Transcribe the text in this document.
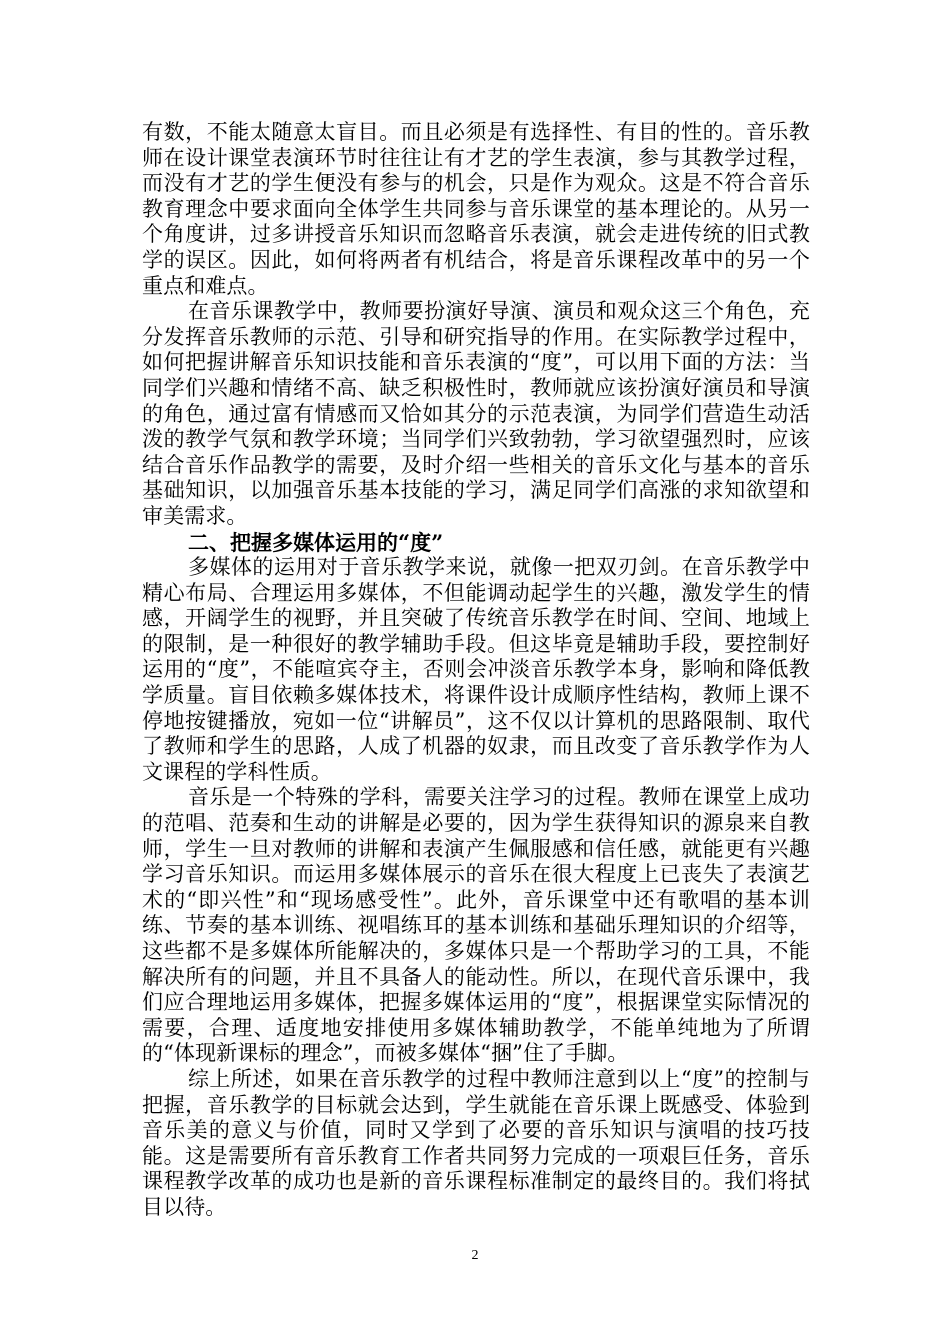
有数，不能太随意太盲目。而且必须是有选择性、有目的性的。音乐教师在设计课堂表演环节时往往让有才艺的学生表演，参与其教学过程，而没有才艺的学生便没有参与的机会，只是作为观众。这是不符合音乐教育理念中要求面向全体学生共同参与音乐课堂的基本理论的。从另一个角度讲，过多讲授音乐知识而忽略音乐表演，就会走进传统的旧式教学的误区。因此，如何将两者有机结合，将是音乐课程改革中的另一个重点和难点。

在音乐课教学中，教师要扮演好导演、演员和观众这三个角色，充分发挥音乐教师的示范、引导和研究指导的作用。在实际教学过程中，如何把握讲解音乐知识技能和音乐表演的“度”，可以用下面的方法：当同学们兴趣和情绪不高、缺乏积极性时，教师就应该扮演好演员和导演的角色，通过富有情感而又恰如其分的示范表演，为同学们营造生动活泼的教学气氛和教学环境；当同学们兴致勃勃，学习欲望强烈时，应该结合音乐作品教学的需要，及时介绍一些相关的音乐文化与基本的音乐基础知识，以加强音乐基本技能的学习，满足同学们高涨的求知欲望和审美需求。

二、把握多媒体运用的“度”

多媒体的运用对于音乐教学来说，就像一把双刃剑。在音乐教学中精心布局、合理运用多媒体，不但能调动起学生的兴趣，激发学生的情感，开阔学生的视野，并且突破了传统音乐教学在时间、空间、地域上的限制，是一种很好的教学辅助手段。但这毕竟是辅助手段，要控制好运用的“度”，不能喧宾夺主，否则会冲淡音乐教学本身，影响和降低教学质量。盲目依赖多媒体技术，将课件设计成顺序性结构，教师上课不停地按键播放，宛如一位“讲解员”，这不仅以计算机的思路限制、取代了教师和学生的思路，人成了机器的奴隶，而且改变了音乐教学作为人文课程的学科性质。

音乐是一个特殊的学科，需要关注学习的过程。教师在课堂上成功的范唱、范奏和生动的讲解是必要的，因为学生获得知识的源泉来自教师，学生一旦对教师的讲解和表演产生佩服感和信任感，就能更有兴趣学习音乐知识。而运用多媒体展示的音乐在很大程度上已丧失了表演艺术的“即兴性”和“现场感受性”。此外，音乐课堂中还有歌唱的基本训练、节奏的基本训练、视唱练耳的基本训练和基础乐理知识的介绍等，这些都不是多媒体所能解决的，多媒体只是一个帮助学习的工具，不能解决所有的问题，并且不具备人的能动性。所以，在现代音乐课中，我们应合理地运用多媒体，把握多媒体运用的“度”，根据课堂实际情况的需要，合理、适度地安排使用多媒体辅助教学，不能单纯地为了所谓的“体现新课标的理念”，而被多媒体“捆”住了手脚。

综上所述，如果在音乐教学的过程中教师注意到以上“度”的控制与把握，音乐教学的目标就会达到，学生就能在音乐课上既感受、体验到音乐美的意义与价值，同时又学到了必要的音乐知识与演唱的技巧技能。这是需要所有音乐教育工作者共同努力完成的一项艰巨任务，音乐课程教学改革的成功也是新的音乐课程标准制定的最终目的。我们将拭目以待。

2
